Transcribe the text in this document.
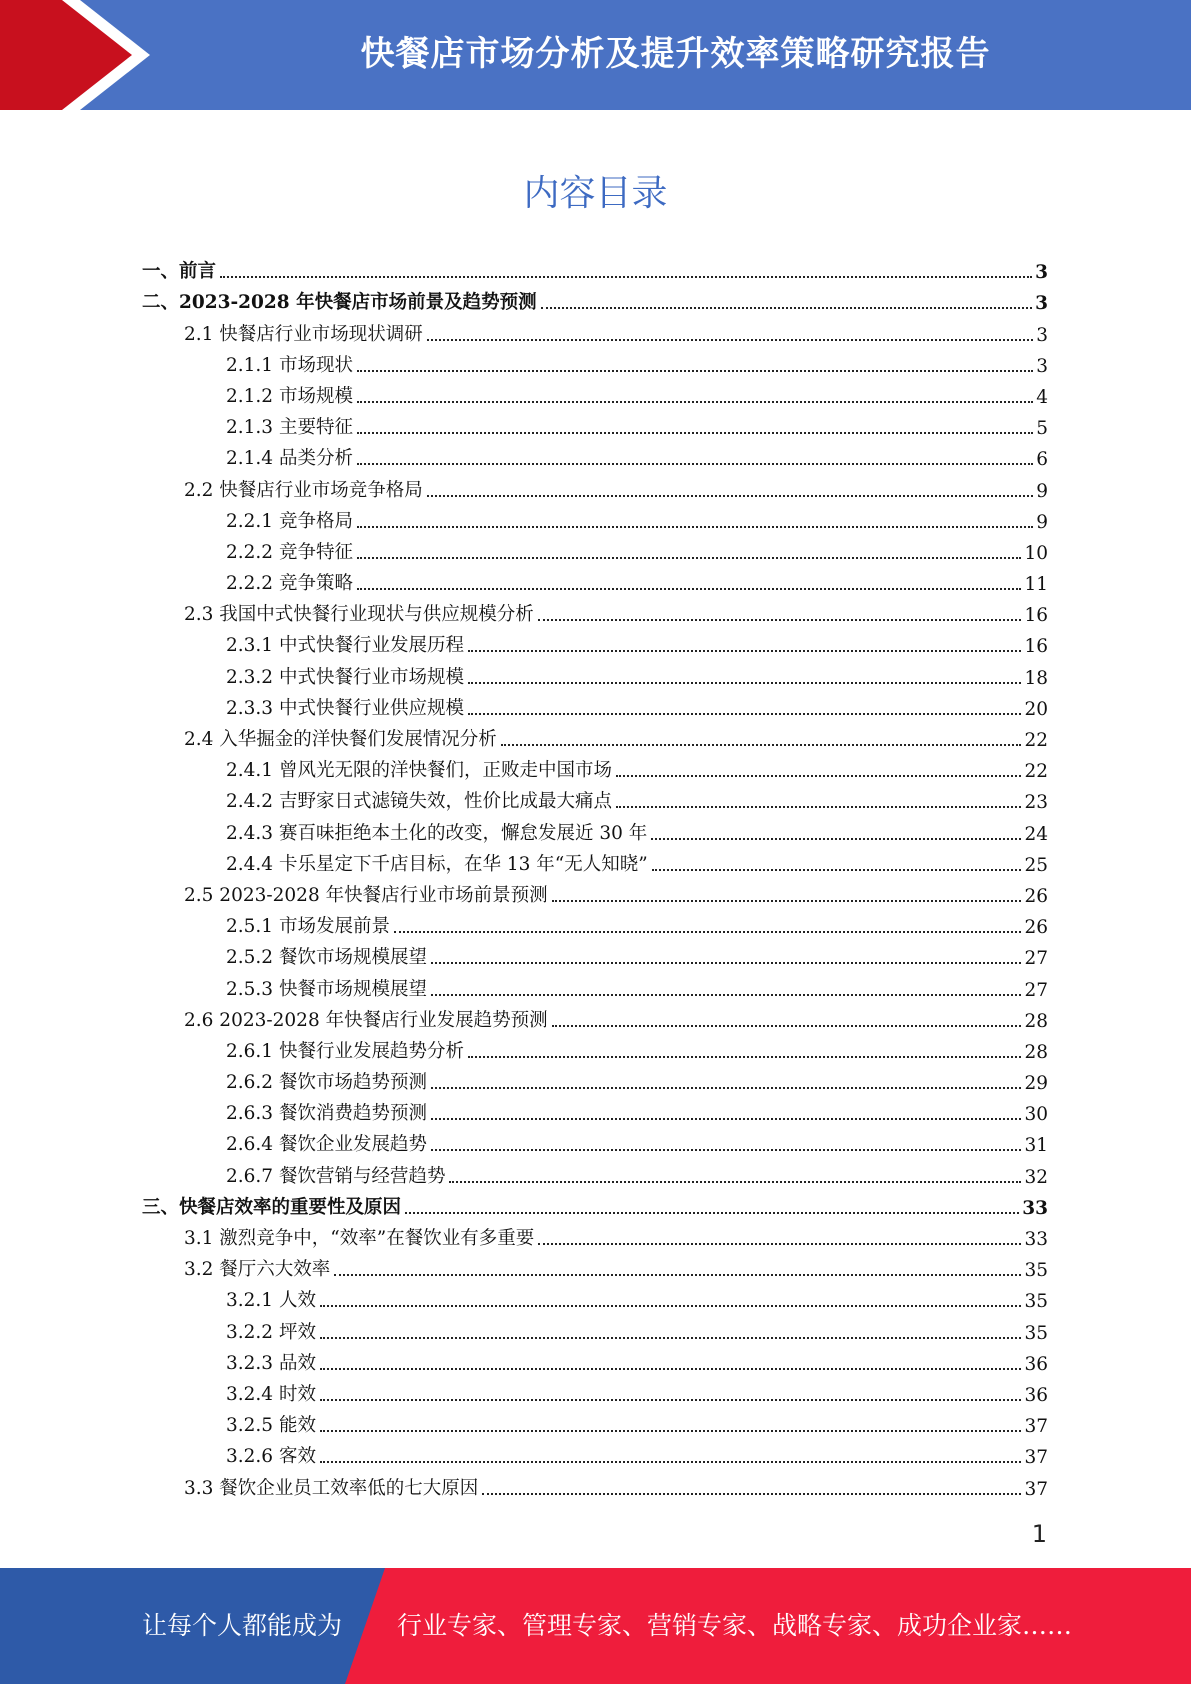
快餐店市场分析及提升效率策略研究报告
内容目录
一、前言	3
二、2023-2028 年快餐店市场前景及趋势预测	3
2.1 快餐店行业市场现状调研	3
2.1.1 市场现状	3
2.1.2 市场规模	4
2.1.3 主要特征	5
2.1.4 品类分析	6
2.2 快餐店行业市场竞争格局	9
2.2.1 竞争格局	9
2.2.2 竞争特征	10
2.2.2 竞争策略	11
2.3 我国中式快餐行业现状与供应规模分析	16
2.3.1 中式快餐行业发展历程	16
2.3.2 中式快餐行业市场规模	18
2.3.3 中式快餐行业供应规模	20
2.4 入华掘金的洋快餐们发展情况分析	22
2.4.1 曾风光无限的洋快餐们，正败走中国市场	22
2.4.2 吉野家日式滤镜失效，性价比成最大痛点	23
2.4.3 赛百味拒绝本土化的改变，懈怠发展近 30 年	24
2.4.4 卡乐星定下千店目标，在华 13 年“无人知晓”	25
2.5 2023-2028 年快餐店行业市场前景预测	26
2.5.1 市场发展前景	26
2.5.2 餐饮市场规模展望	27
2.5.3 快餐市场规模展望	27
2.6 2023-2028 年快餐店行业发展趋势预测	28
2.6.1 快餐行业发展趋势分析	28
2.6.2 餐饮市场趋势预测	29
2.6.3 餐饮消费趋势预测	30
2.6.4 餐饮企业发展趋势	31
2.6.7 餐饮营销与经营趋势	32
三、快餐店效率的重要性及原因	33
3.1 激烈竞争中，“效率”在餐饮业有多重要	33
3.2 餐厅六大效率	35
3.2.1 人效	35
3.2.2 坪效	35
3.2.3 品效	36
3.2.4 时效	36
3.2.5 能效	37
3.2.6 客效	37
3.3 餐饮企业员工效率低的七大原因	37
1
让每个人都能成为 行业专家、管理专家、营销专家、战略专家、成功企业家……
